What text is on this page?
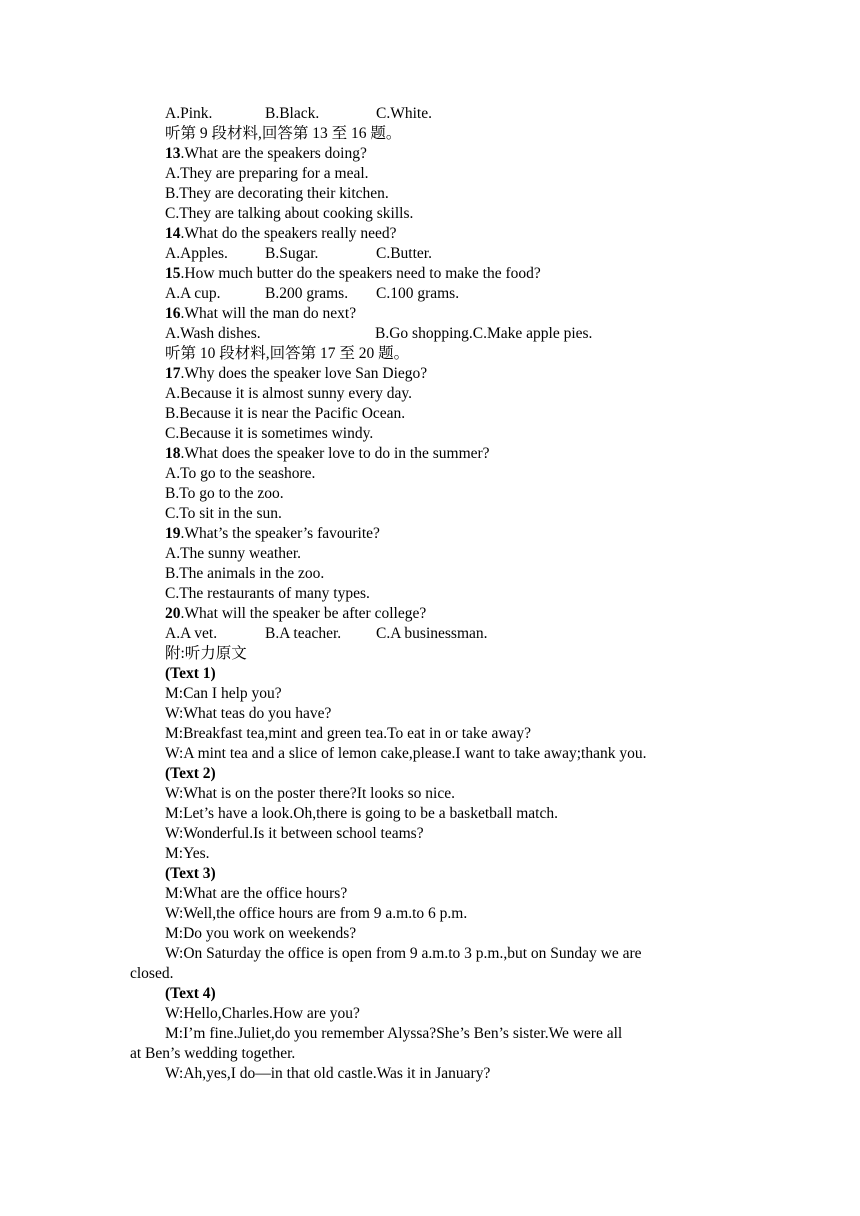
A.Pink.	B.Black.	C.White.
听第 9 段材料,回答第 13 至 16 题。
13.What are the speakers doing?
A.They are preparing for a meal.
B.They are decorating their kitchen.
C.They are talking about cooking skills.
14.What do the speakers really need?
A.Apples. B.Sugar.	C.Butter.
15.How much butter do the speakers need to make the food?
A.A cup.	B.200 grams. C.100 grams.
16.What will the man do next?
A.Wash dishes.	B.Go shopping.C.Make apple pies.
听第 10 段材料,回答第 17 至 20 题。
17.Why does the speaker love San Diego?
A.Because it is almost sunny every day.
B.Because it is near the Pacific Ocean.
C.Because it is sometimes windy.
18.What does the speaker love to do in the summer?
A.To go to the seashore.
B.To go to the zoo.
C.To sit in the sun.
19.What’s the speaker’s favourite?
A.The sunny weather.
B.The animals in the zoo.
C.The restaurants of many types.
20.What will the speaker be after college?
A.A vet.	B.A teacher. C.A businessman.
附:听力原文
(Text 1)
M:Can I help you?
W:What teas do you have?
M:Breakfast tea,mint and green tea.To eat in or take away?
W:A mint tea and a slice of lemon cake,please.I want to take away;thank you.
(Text 2)
W:What is on the poster there?It looks so nice.
M:Let’s have a look.Oh,there is going to be a basketball match.
W:Wonderful.Is it between school teams?
M:Yes.
(Text 3)
M:What are the office hours?
W:Well,the office hours are from 9 a.m.to 6 p.m.
M:Do you work on weekends?
W:On Saturday the office is open from 9 a.m.to 3 p.m.,but on Sunday we are
closed.
(Text 4)
W:Hello,Charles.How are you?
M:I’m fine.Juliet,do you remember Alyssa?She’s Ben’s sister.We were all
at Ben’s wedding together.
W:Ah,yes,I do—in that old castle.Was it in January?
